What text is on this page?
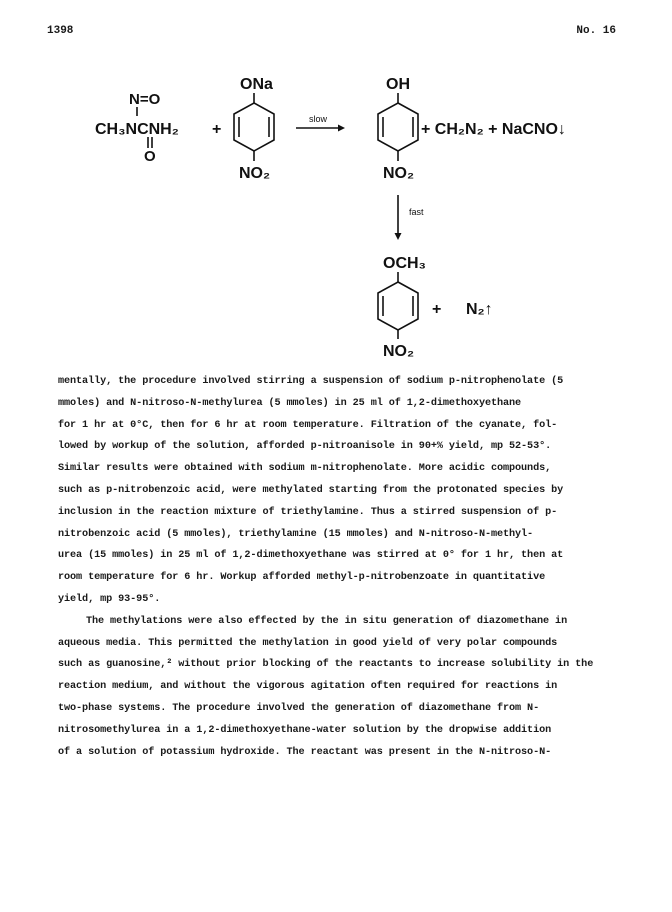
1398	No. 16
N=O
CH₃NCNH₂
O
+
ONa
NO₂
slow
OH
NO₂
+ CH₂N₂ + NaCNO↓
fast
OCH₃
NO₂
+ N₂↑
mentally, the procedure involved stirring a suspension of sodium p-nitrophenolate (5
mmoles) and N-nitroso-N-methylurea (5 mmoles) in 25 ml of 1,2-dimethoxyethane
for 1 hr at 0°C, then for 6 hr at room temperature. Filtration of the cyanate, fol-
lowed by workup of the solution, afforded p-nitroanisole in 90+% yield, mp 52-53°.
Similar results were obtained with sodium m-nitrophenolate. More acidic compounds,
such as p-nitrobenzoic acid, were methylated starting from the protonated species by
inclusion in the reaction mixture of triethylamine. Thus a stirred suspension of p-
nitrobenzoic acid (5 mmoles), triethylamine (15 mmoles) and N-nitroso-N-methyl-
urea (15 mmoles) in 25 ml of 1,2-dimethoxyethane was stirred at 0° for 1 hr, then at
room temperature for 6 hr. Workup afforded methyl-p-nitrobenzoate in quantitative
yield, mp 93-95°.
The methylations were also effected by the in situ generation of diazomethane in
aqueous media. This permitted the methylation in good yield of very polar compounds
such as guanosine,² without prior blocking of the reactants to increase solubility in the
reaction medium, and without the vigorous agitation often required for reactions in
two-phase systems. The procedure involved the generation of diazomethane from N-
nitrosomethylurea in a 1,2-dimethoxyethane-water solution by the dropwise addition
of a solution of potassium hydroxide. The reactant was present in the N-nitroso-N-
